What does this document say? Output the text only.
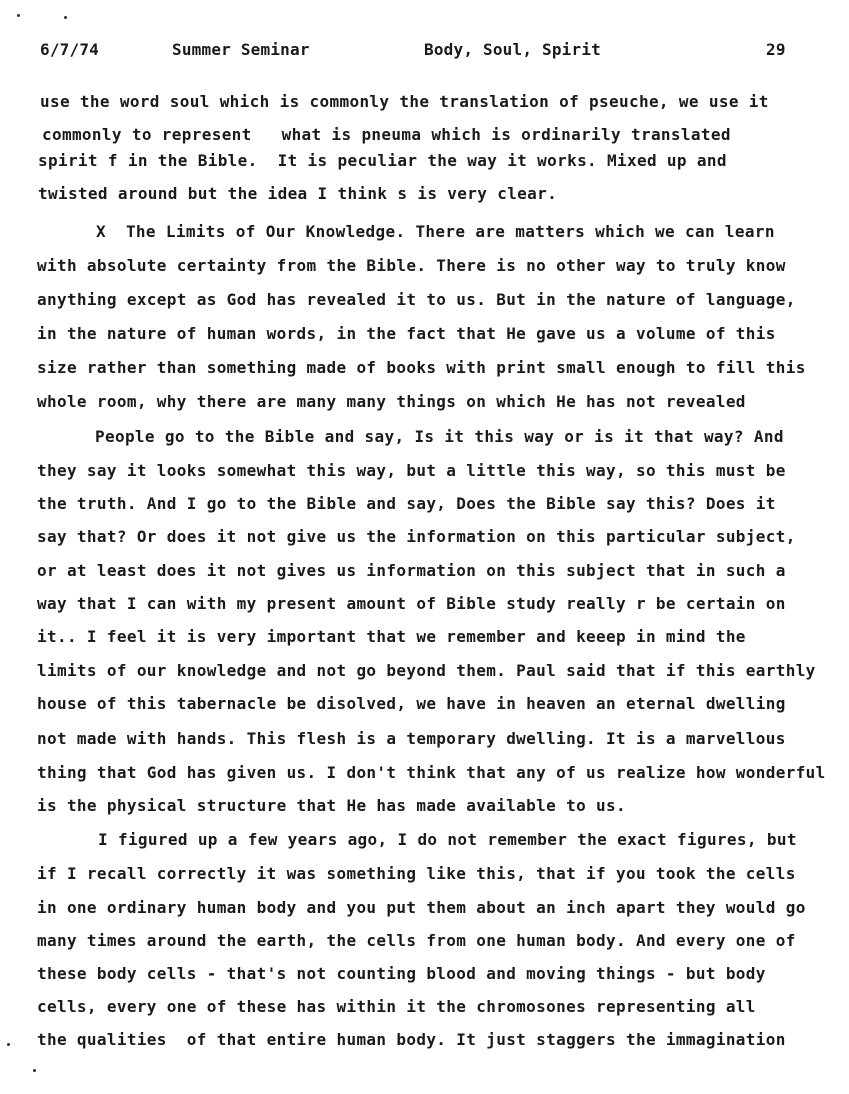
6/7/74	Summer Seminar	Body, Soul, Spirit	29
use the word soul which is commonly the translation of pseuche, we use it
commonly to represent   what is pneuma which is ordinarily translated
spirit f in the Bible.  It is peculiar the way it works. Mixed up and
twisted around but the idea I think s is very clear.
X  The Limits of Our Knowledge. There are matters which we can learn
with absolute certainty from the Bible. There is no other way to truly know
anything except as God has revealed it to us. But in the nature of language,
in the nature of human words, in the fact that He gave us a volume of this
size rather than something made of books with print small enough to fill this
whole room, why there are many many things on which He has not revealed
People go to the Bible and say, Is it this way or is it that way? And
they say it looks somewhat this way, but a little this way, so this must be
the truth. And I go to the Bible and say, Does the Bible say this? Does it
say that? Or does it not give us the information on this particular subject,
or at least does it not gives us information on this subject that in such a
way that I can with my present amount of Bible study really r be certain on
it.. I feel it is very important that we remember and keeep in mind the
limits of our knowledge and not go beyond them. Paul said that if this earthly
house of this tabernacle be disolved, we have in heaven an eternal dwelling
not made with hands. This flesh is a temporary dwelling. It is a marvellous
thing that God has given us. I don't think that any of us realize how wonderful
is the physical structure that He has made available to us.
I figured up a few years ago, I do not remember the exact figures, but
if I recall correctly it was something like this, that if you took the cells
in one ordinary human body and you put them about an inch apart they would go
many times around the earth, the cells from one human body. And every one of
these body cells - that's not counting blood and moving things - but body
cells, every one of these has within it the chromosones representing all
the qualities  of that entire human body. It just staggers the immagination
